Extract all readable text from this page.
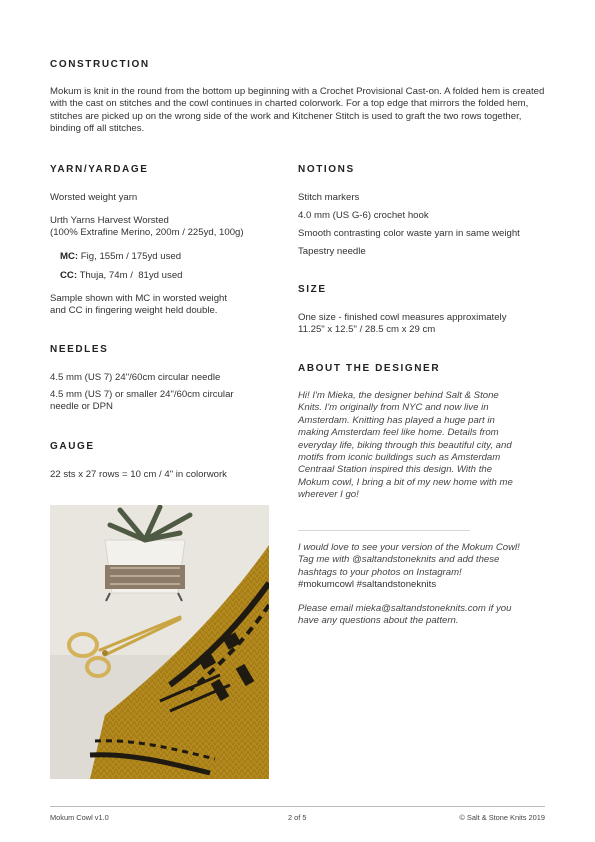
CONSTRUCTION

Mokum is knit in the round from the bottom up beginning with a Crochet Provisional Cast-on. A folded hem is created with the cast on stitches and the cowl continues in charted colorwork. For a top edge that mirrors the folded hem, stitches are picked up on the wrong side of the work and Kitchener Stitch is used to graft the two rows together, binding off all stitches.

YARN/YARDAGE

Worsted weight yarn

Urth Yarns Harvest Worsted
(100% Extrafine Merino, 200m / 225yd, 100g)

MC: Fig, 155m / 175yd used

CC: Thuja, 74m /  81yd used

Sample shown with MC in worsted weight
and CC in fingering weight held double.

NEEDLES

4.5 mm (US 7) 24"/60cm circular needle

4.5 mm (US 7) or smaller 24"/60cm circular
needle or DPN

GAUGE

22 sts x 27 rows = 10 cm / 4" in colorwork

NOTIONS

Stitch markers

4.0 mm (US G-6) crochet hook

Smooth contrasting color waste yarn in same weight

Tapestry needle

SIZE

One size - finished cowl measures approximately
11.25" x 12.5" / 28.5 cm x 29 cm

ABOUT THE DESIGNER

Hi! I'm Mieka, the designer behind Salt & Stone Knits. I'm originally from NYC and now live in Amsterdam. Knitting has played a huge part in making Amsterdam feel like home. Details from everyday life, biking through this beautiful city, and motifs from iconic buildings such as Amsterdam Centraal Station inspired this design. With the Mokum cowl, I bring a bit of my new home with me wherever I go!

I would love to see your version of the Mokum Cowl! Tag me with @saltandstoneknits and add these hashtags to your photos on Instagram! #mokumcowl #saltandstoneknits

Please email mieka@saltandstoneknits.com if you have any questions about the pattern.

Mokum Cowl v1.0	2 of 5	© Salt & Stone Knits 2019
